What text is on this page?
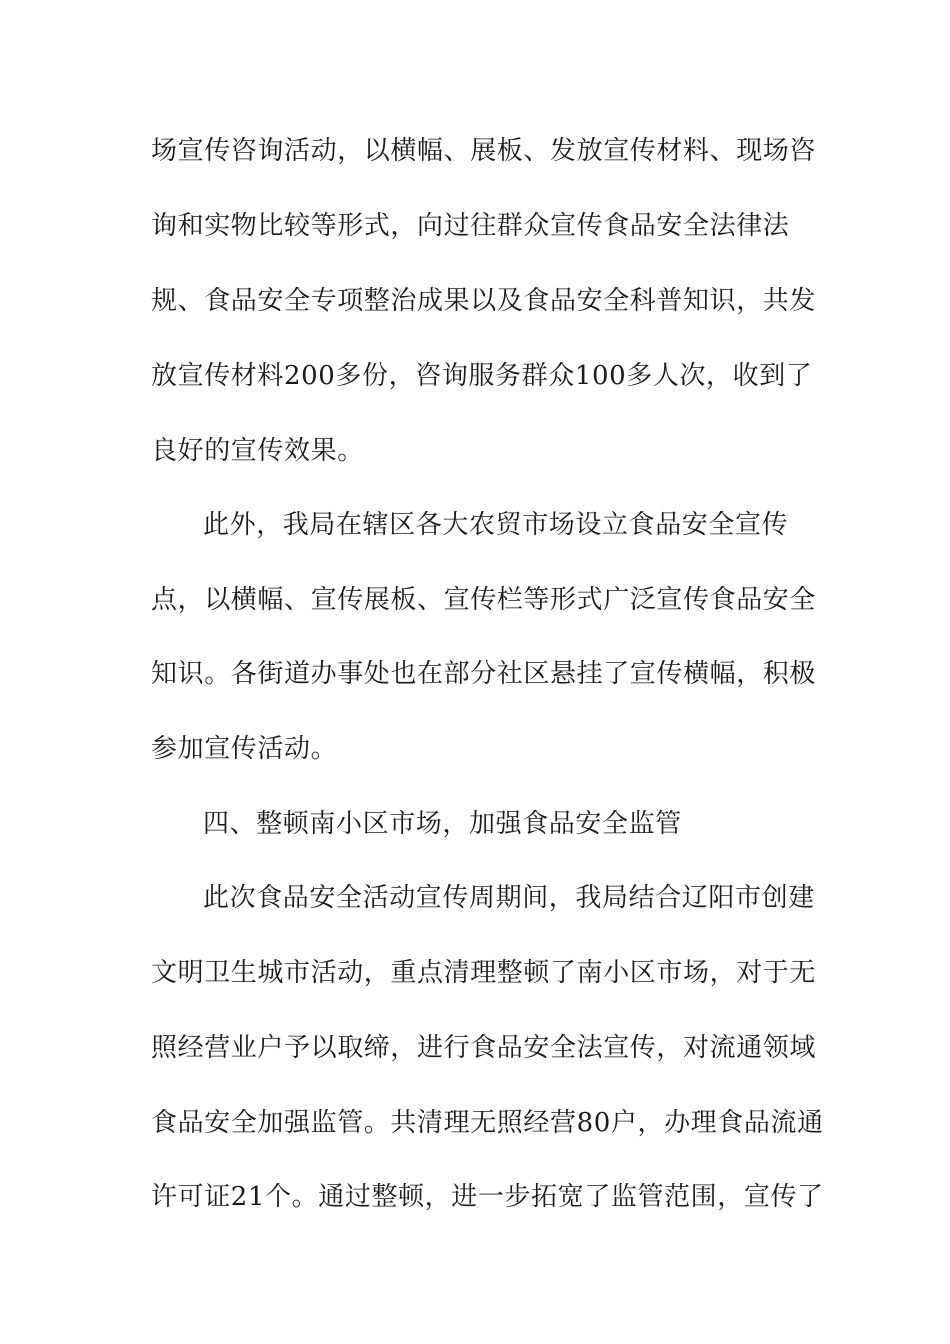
场宣传咨询活动，以横幅、展板、发放宣传材料、现场咨
询和实物比较等形式，向过往群众宣传食品安全法律法
规、食品安全专项整治成果以及食品安全科普知识，共发
放宣传材料200多份，咨询服务群众100多人次，收到了
良好的宣传效果。
此外，我局在辖区各大农贸市场设立食品安全宣传
点，以横幅、宣传展板、宣传栏等形式广泛宣传食品安全
知识。各街道办事处也在部分社区悬挂了宣传横幅，积极
参加宣传活动。
四、整顿南小区市场，加强食品安全监管
此次食品安全活动宣传周期间，我局结合辽阳市创建
文明卫生城市活动，重点清理整顿了南小区市场，对于无
照经营业户予以取缔，进行食品安全法宣传，对流通领域
食品安全加强监管。共清理无照经营80户，办理食品流通
许可证21个。通过整顿，进一步拓宽了监管范围，宣传了
